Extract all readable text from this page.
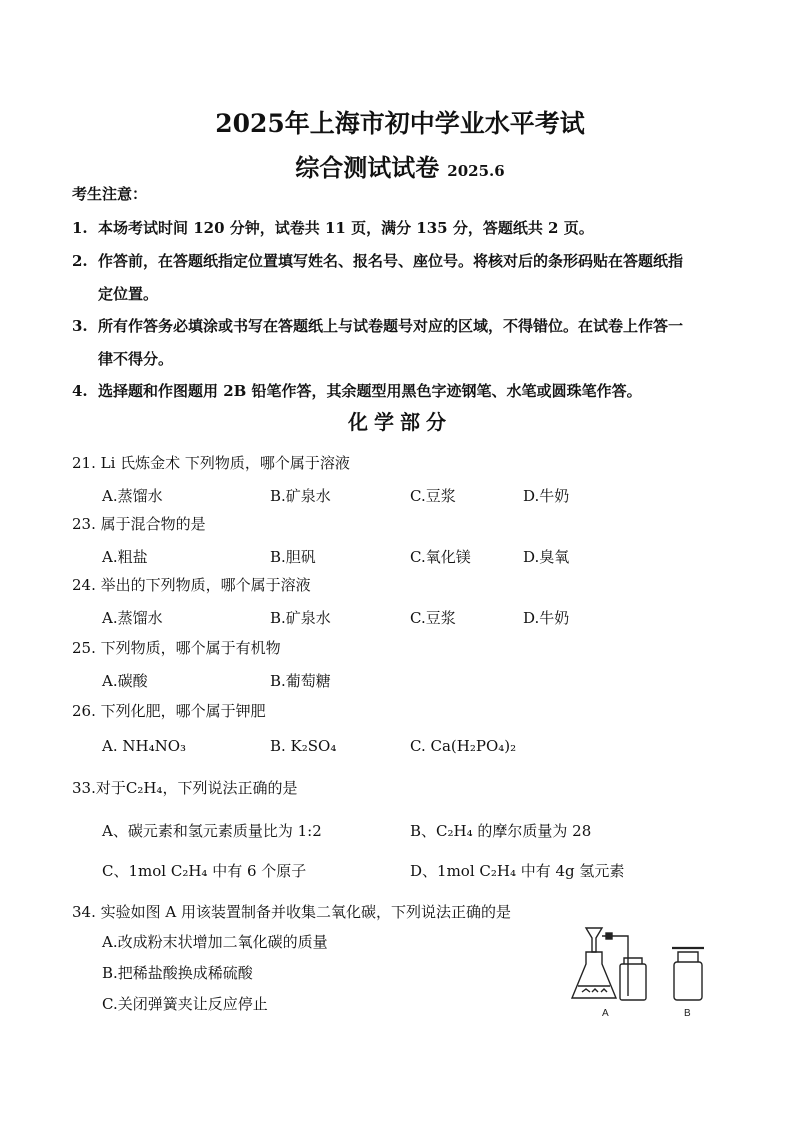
2025年上海市初中学业水平考试
综合测试试卷 2025.6
考生注意：
1. 本场考试时间 120 分钟，试卷共 11 页，满分 135 分，答题纸共 2 页。
2. 作答前，在答题纸指定位置填写姓名、报名号、座位号。将核对后的条形码贴在答题纸指
定位置。
3. 所有作答务必填涂或书写在答题纸上与试卷题号对应的区域，不得错位。在试卷上作答一
律不得分。
4. 选择题和作图题用 2B 铅笔作答，其余题型用黑色字迹钢笔、水笔或圆珠笔作答。
化学部分
21. Li 氏炼金术 下列物质，哪个属于溶液
A.蒸馏水	B.矿泉水	C.豆浆	D.牛奶
23. 属于混合物的是
A.粗盐	B.胆矾	C.氧化镁	D.臭氧
24. 举出的下列物质，哪个属于溶液
A.蒸馏水	B.矿泉水	C.豆浆	D.牛奶
25. 下列物质，哪个属于有机物
A.碳酸	B.葡萄糖
26. 下列化肥，哪个属于钾肥
A. NH₄NO₃	B. K₂SO₄	C. Ca(H₂PO₄)₂
33.对于C₂H₄，下列说法正确的是
A、碳元素和氢元素质量比为 1:2	B、C₂H₄ 的摩尔质量为 28
C、1mol C₂H₄ 中有 6 个原子	D、1mol C₂H₄ 中有 4g 氢元素
34. 实验如图 A 用该装置制备并收集二氧化碳，下列说法正确的是
A.改成粉末状增加二氧化碳的质量
B.把稀盐酸换成稀硫酸
C.关闭弹簧夹让反应停止
A	B
